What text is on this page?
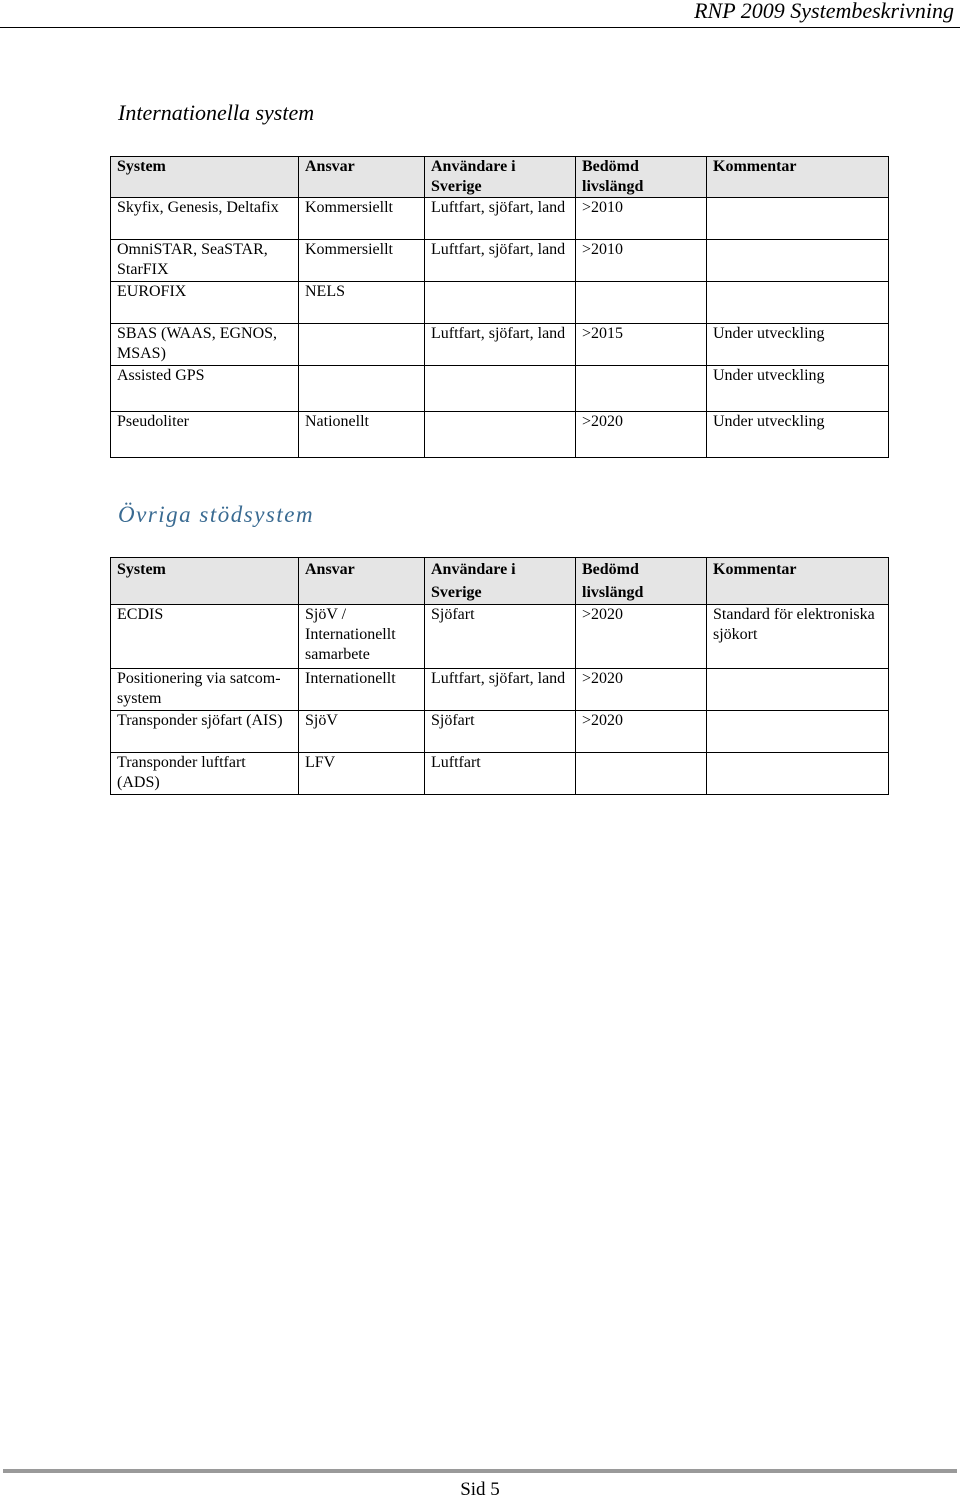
RNP 2009 Systembeskrivning
Internationella system
System	Ansvar	Användare i Sverige	Bedömd livslängd	Kommentar
Skyfix, Genesis, Deltafix	Kommersiellt	Luftfart, sjöfart, land	>2010	
OmniSTAR, SeaSTAR, StarFIX	Kommersiellt	Luftfart, sjöfart, land	>2010	
EUROFIX	NELS			
SBAS (WAAS, EGNOS, MSAS)		Luftfart, sjöfart, land	>2015	Under utveckling
Assisted GPS				Under utveckling
Pseudoliter	Nationellt		>2020	Under utveckling
Övriga stödsystem
System	Ansvar	Användare i Sverige	Bedömd livslängd	Kommentar
ECDIS	SjöV / Internationellt samarbete	Sjöfart	>2020	Standard för elektroniska sjökort
Positionering via satcom-system	Internationellt	Luftfart, sjöfart, land	>2020	
Transponder sjöfart (AIS)	SjöV	Sjöfart	>2020	
Transponder luftfart (ADS)	LFV	Luftfart		
Sid 5
